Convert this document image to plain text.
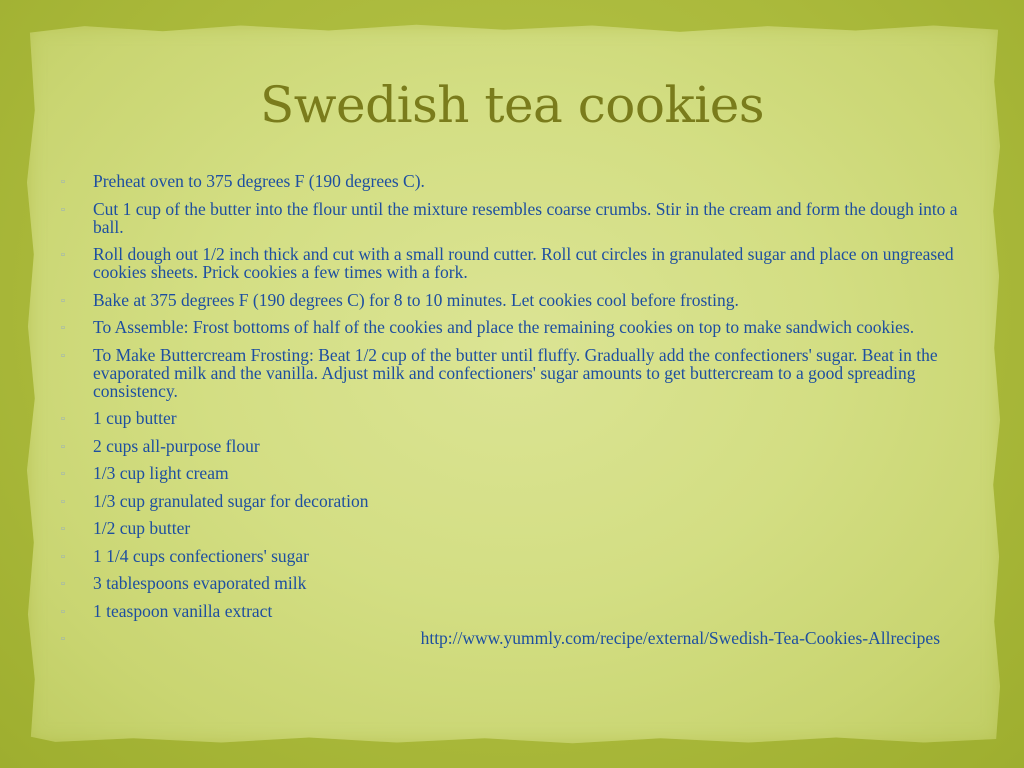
Swedish tea cookies
▫ Preheat oven to 375 degrees F (190 degrees C).
▫ Cut 1 cup of the butter into the flour until the mixture resembles coarse crumbs. Stir in the cream and form the dough into a ball.
▫ Roll dough out 1/2 inch thick and cut with a small round cutter. Roll cut circles in granulated sugar and place on ungreased cookies sheets. Prick cookies a few times with a fork.
▫ Bake at 375 degrees F (190 degrees C) for 8 to 10 minutes. Let cookies cool before frosting.
▫ To Assemble: Frost bottoms of half of the cookies and place the remaining cookies on top to make sandwich cookies.
▫ To Make Buttercream Frosting: Beat 1/2 cup of the butter until fluffy. Gradually add the confectioners' sugar. Beat in the evaporated milk and the vanilla. Adjust milk and confectioners' sugar amounts to get buttercream to a good spreading consistency.
▫ 1 cup butter
▫ 2 cups all-purpose flour
▫ 1/3 cup light cream
▫ 1/3 cup granulated sugar for decoration
▫ 1/2 cup butter
▫ 1 1/4 cups confectioners' sugar
▫ 3 tablespoons evaporated milk
▫ 1 teaspoon vanilla extract
▫	http://www.yummly.com/recipe/external/Swedish-Tea-Cookies-Allrecipes
